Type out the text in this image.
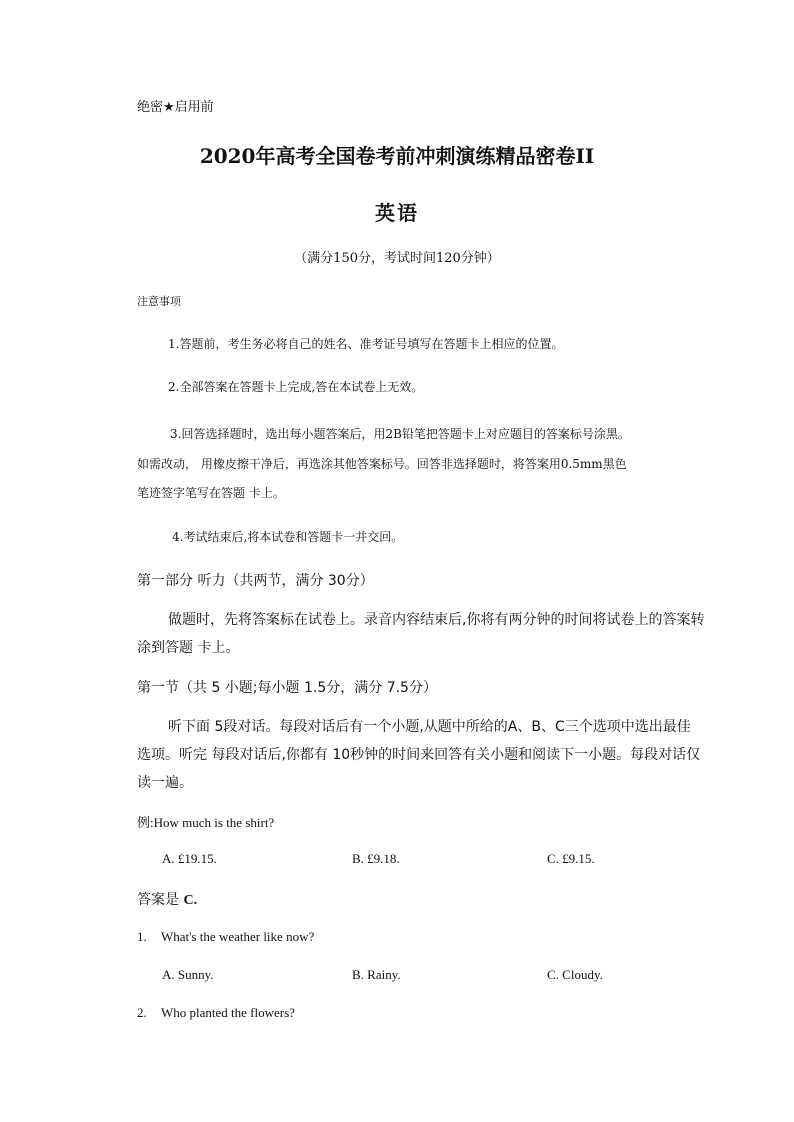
绝密★启用前
2020年高考全国卷考前冲刺演练精品密卷II
英语
（满分150分，考试时间120分钟）
注意事项
1.答题前，考生务必将自己的姓名、准考证号填写在答题卡上相应的位置。
2.全部答案在答题卡上完成,答在本试卷上无效。
3.回答选择题时，选出每小题答案后，用2B铅笔把答题卡上对应题目的答案标号涂黑。
如需改动， 用橡皮擦干净后，再选涂其他答案标号。回答非选择题时，将答案用0.5mm黑色
笔迹签字笔写在答题 卡上。
4.考试结束后,将本试卷和答题卡一并交回。
第一部分 听力（共两节，满分 30分）
做题时，先将答案标在试卷上。录音内容结束后,你将有两分钟的时间将试卷上的答案转
涂到答题 卡上。
第一节（共 5 小题;每小题 1.5分，满分 7.5分）
听下面 5段对话。每段对话后有一个小题,从题中所给的A、B、C三个选项中选出最佳
选项。听完 每段对话后,你都有 10秒钟的时间来回答有关小题和阅读下一小题。每段对话仅
读一遍。
例:How much is the shirt?
A. £19.15.	B. £9.18.	C. £9.15.
答案是 C.
1. What's the weather like now?
A. Sunny.	B. Rainy.	C. Cloudy.
2. Who planted the flowers?
